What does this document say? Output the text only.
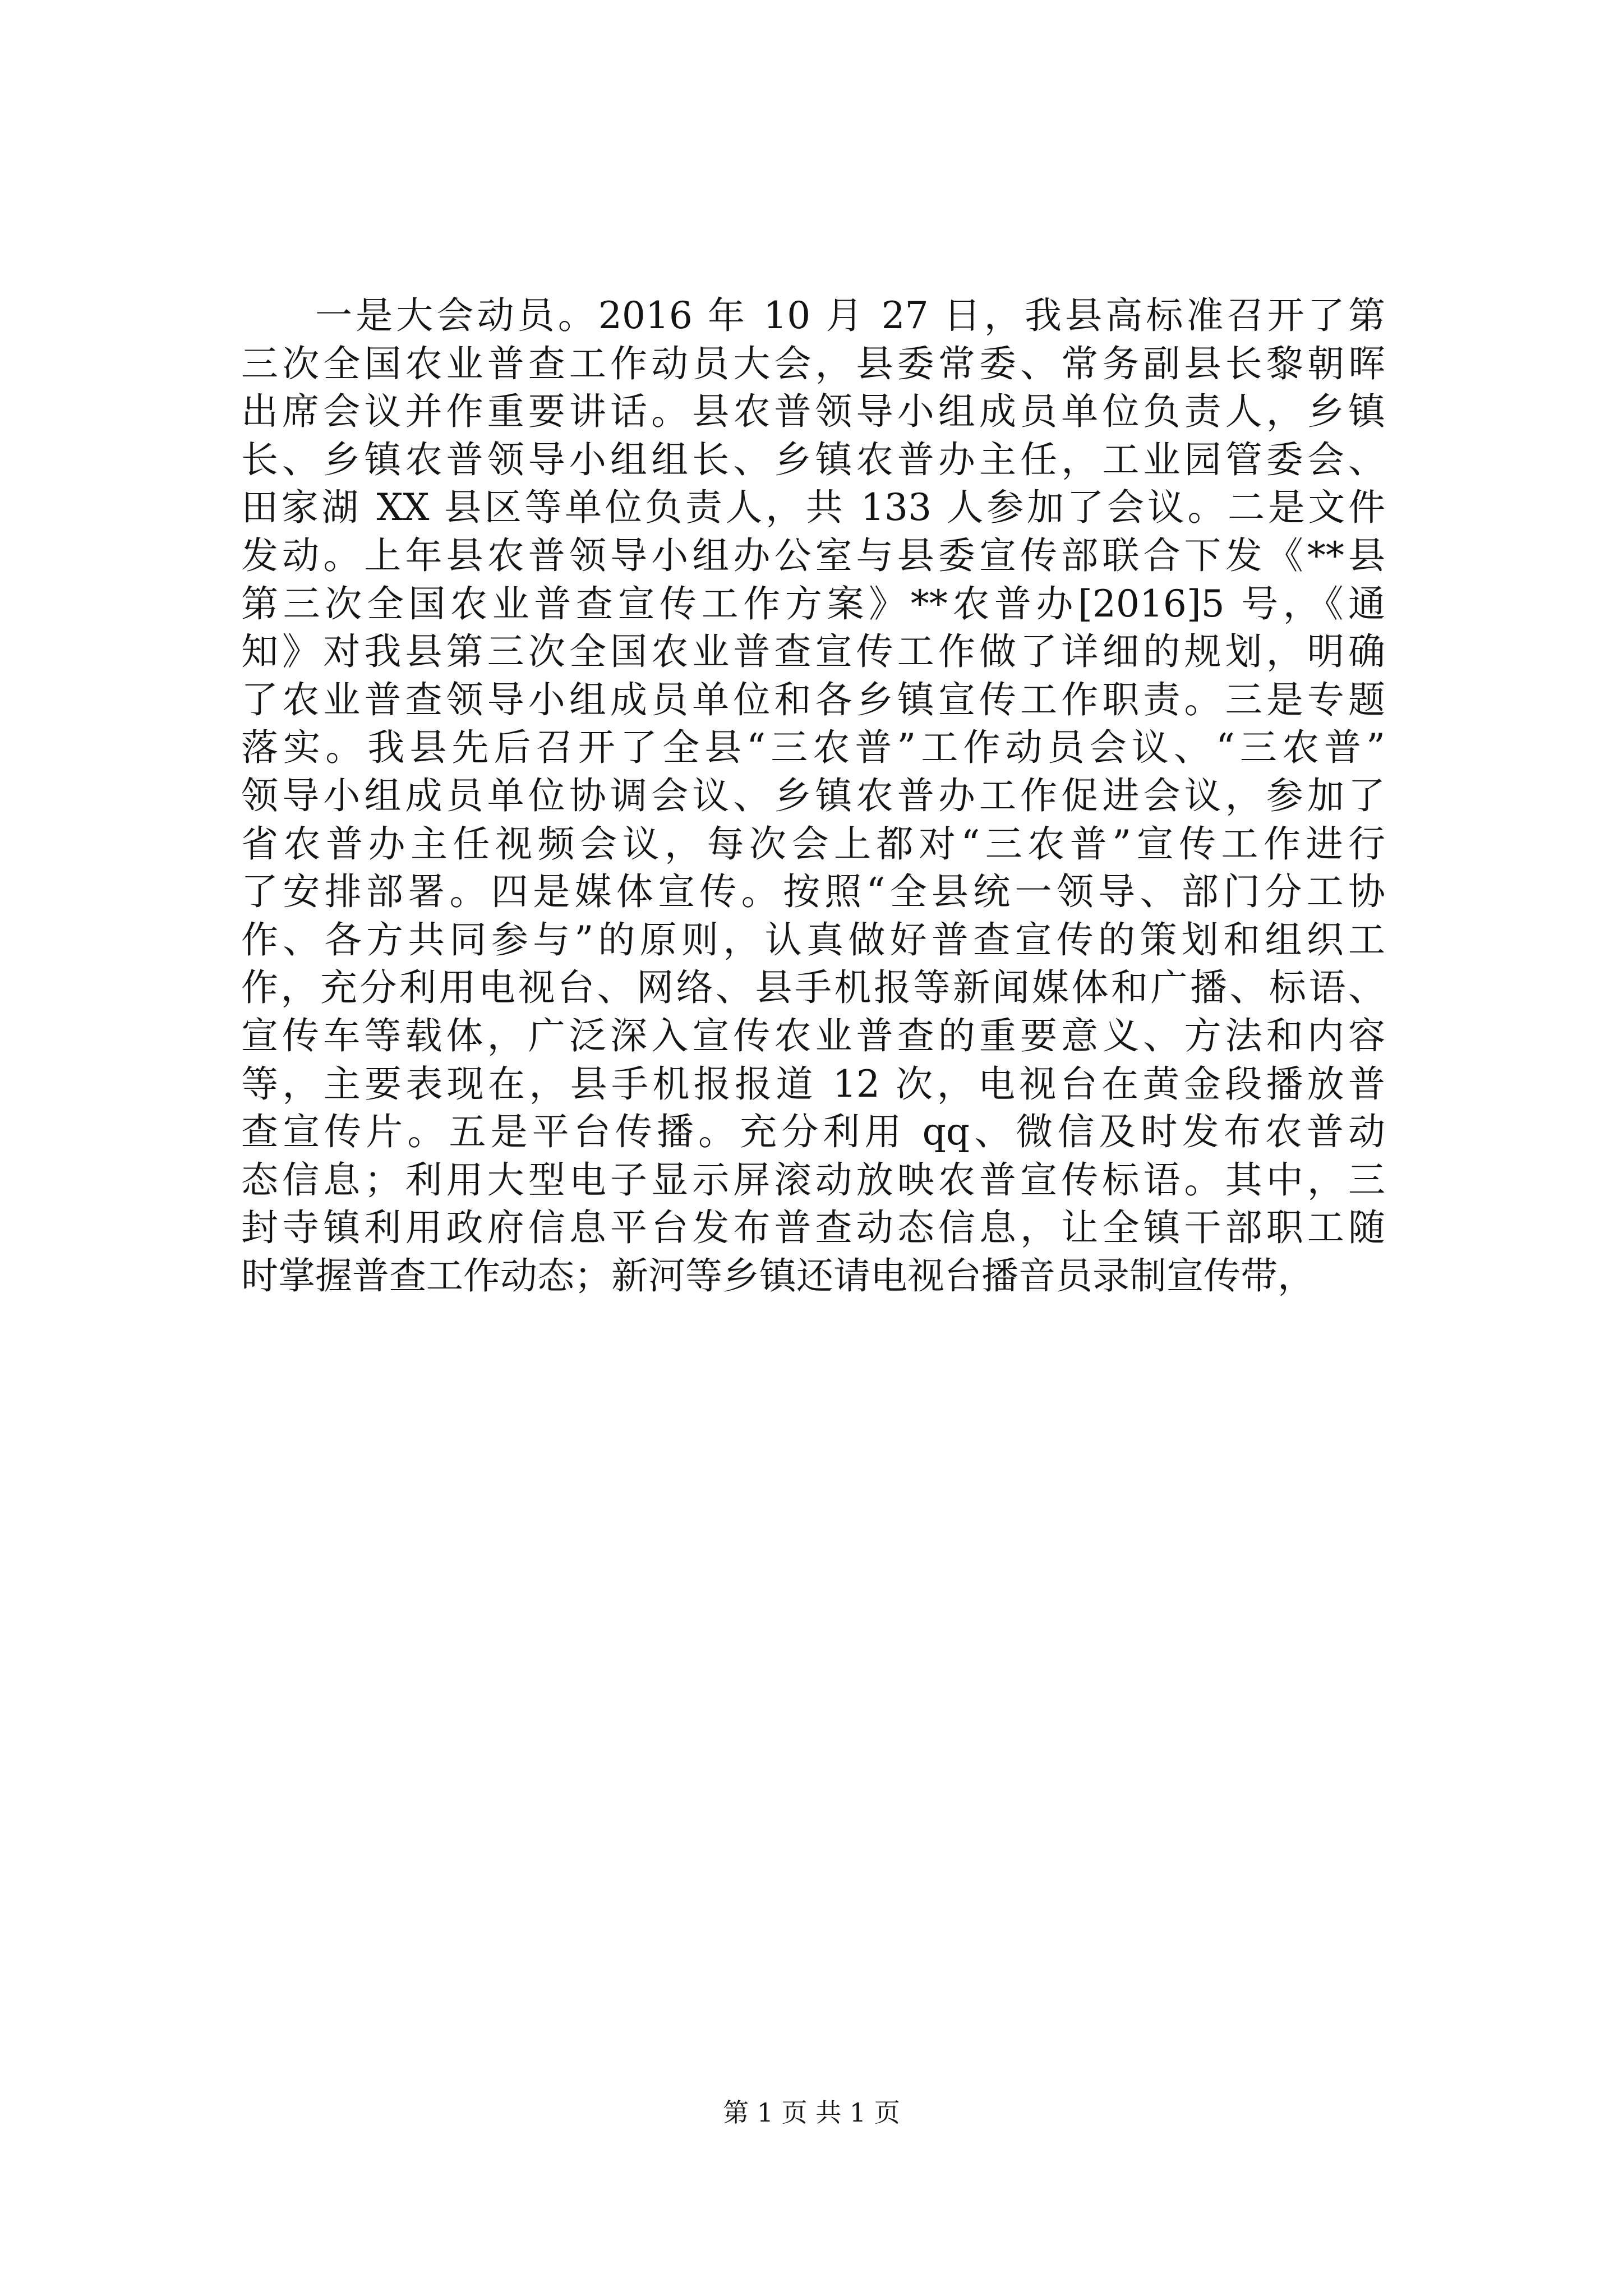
一是大会动员。2016 年 10 月 27 日，我县高标准召开了第
三次全国农业普查工作动员大会，县委常委、常务副县长黎朝晖
出席会议并作重要讲话。县农普领导小组成员单位负责人，乡镇
长、乡镇农普领导小组组长、乡镇农普办主任，工业园管委会、
田家湖 XX 县区等单位负责人，共 133 人参加了会议。二是文件
发动。上年县农普领导小组办公室与县委宣传部联合下发《**县
第三次全国农业普查宣传工作方案》**农普办[2016]5 号，《通
知》对我县第三次全国农业普查宣传工作做了详细的规划，明确
了农业普查领导小组成员单位和各乡镇宣传工作职责。三是专题
落实。我县先后召开了全县“三农普”工作动员会议、“三农普”
领导小组成员单位协调会议、乡镇农普办工作促进会议，参加了
省农普办主任视频会议，每次会上都对“三农普”宣传工作进行
了安排部署。四是媒体宣传。按照“全县统一领导、部门分工协
作、各方共同参与”的原则，认真做好普查宣传的策划和组织工
作，充分利用电视台、网络、县手机报等新闻媒体和广播、标语、
宣传车等载体，广泛深入宣传农业普查的重要意义、方法和内容
等，主要表现在，县手机报报道 12 次，电视台在黄金段播放普
查宣传片。五是平台传播。充分利用 qq、微信及时发布农普动
态信息；利用大型电子显示屏滚动放映农普宣传标语。其中，三
封寺镇利用政府信息平台发布普查动态信息，让全镇干部职工随
时掌握普查工作动态；新河等乡镇还请电视台播音员录制宣传带，
第 1 页 共 1 页
